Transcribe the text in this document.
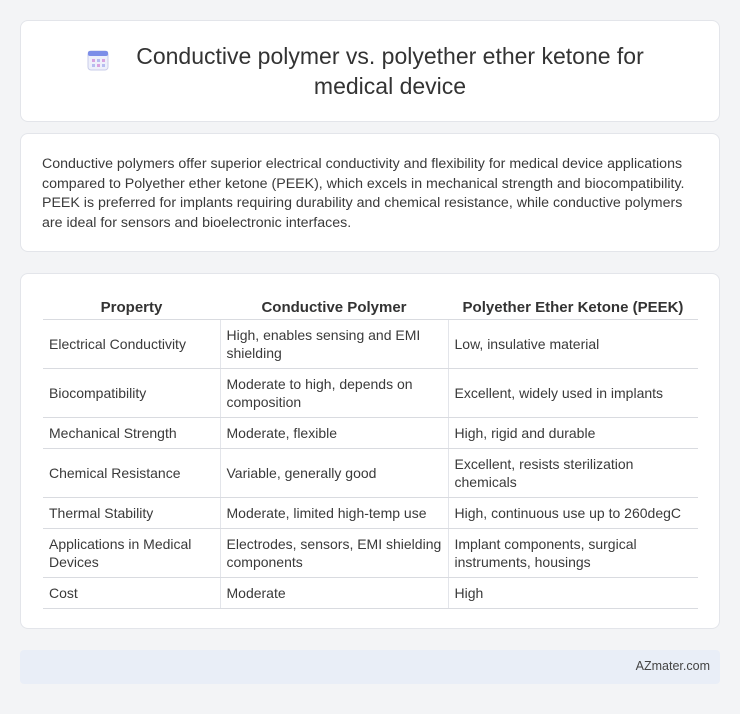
Conductive polymer vs. polyether ether ketone for medical device

Conductive polymers offer superior electrical conductivity and flexibility for medical device applications compared to Polyether ether ketone (PEEK), which excels in mechanical strength and biocompatibility. PEEK is preferred for implants requiring durability and chemical resistance, while conductive polymers are ideal for sensors and bioelectronic interfaces.

Property	Conductive Polymer	Polyether Ether Ketone (PEEK)
Electrical Conductivity	High, enables sensing and EMI shielding	Low, insulative material
Biocompatibility	Moderate to high, depends on composition	Excellent, widely used in implants
Mechanical Strength	Moderate, flexible	High, rigid and durable
Chemical Resistance	Variable, generally good	Excellent, resists sterilization chemicals
Thermal Stability	Moderate, limited high-temp use	High, continuous use up to 260degC
Applications in Medical Devices	Electrodes, sensors, EMI shielding components	Implant components, surgical instruments, housings
Cost	Moderate	High
AZmater.com
